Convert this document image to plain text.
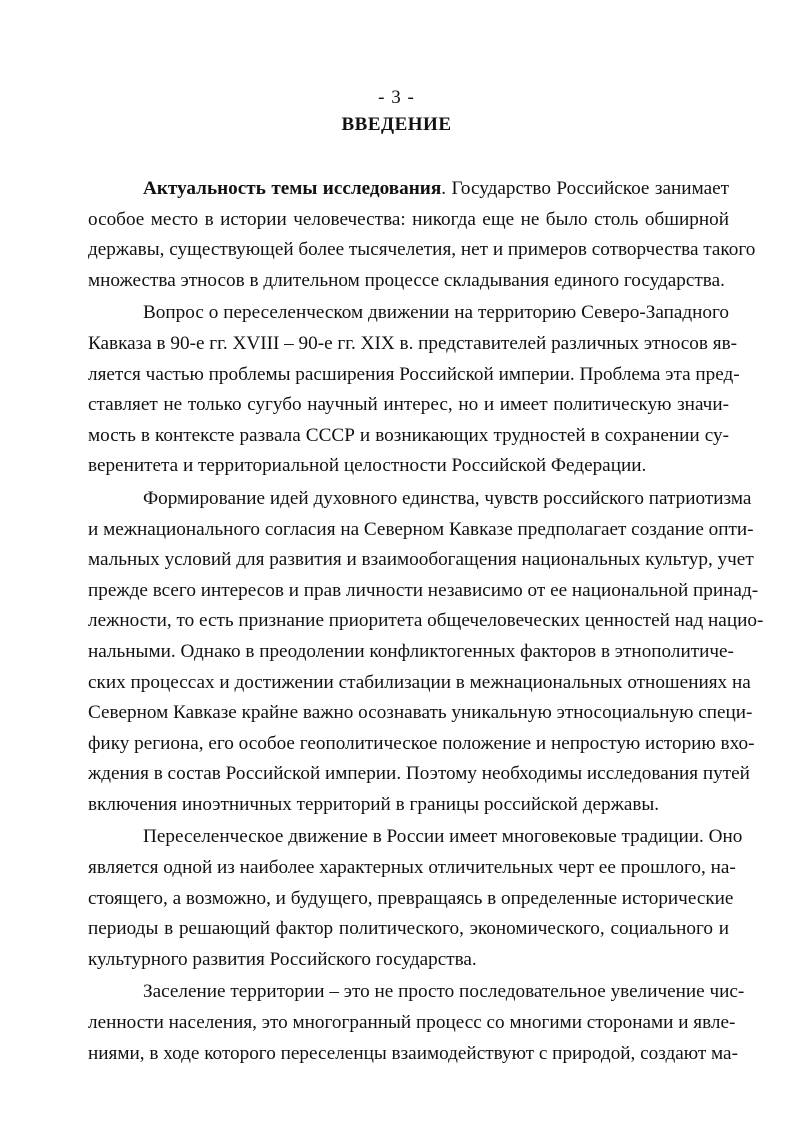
- 3 -
ВВЕДЕНИЕ
Актуальность темы исследования. Государство Российское занимает
особое место в истории человечества: никогда еще не было столь обширной
державы, существующей более тысячелетия, нет и примеров сотворчества такого
множества этносов в длительном процессе складывания единого государства.
Вопрос о переселенческом движении на территорию Северо-Западного
Кавказа в 90-е гг. XVIII – 90-е гг. XIX в. представителей различных этносов яв-
ляется частью проблемы расширения Российской империи. Проблема эта пред-
ставляет не только сугубо научный интерес, но и имеет политическую значи-
мость в контексте развала СССР и возникающих трудностей в сохранении су-
веренитета и территориальной целостности Российской Федерации.
Формирование идей духовного единства, чувств российского патриотизма
и межнационального согласия на Северном Кавказе предполагает создание опти-
мальных условий для развития и взаимообогащения национальных культур, учет
прежде всего интересов и прав личности независимо от ее национальной принад-
лежности, то есть признание приоритета общечеловеческих ценностей над нацио-
нальными. Однако в преодолении конфликтогенных факторов в этнополитиче-
ских процессах и достижении стабилизации в межнациональных отношениях на
Северном Кавказе крайне важно осознавать уникальную этносоциальную специ-
фику региона, его особое геополитическое положение и непростую историю вхо-
ждения в состав Российской империи. Поэтому необходимы исследования путей
включения иноэтничных территорий в границы российской державы.
Переселенческое движение в России имеет многовековые традиции. Оно
является одной из наиболее характерных отличительных черт ее прошлого, на-
стоящего, а возможно, и будущего, превращаясь в определенные исторические
периоды в решающий фактор политического, экономического, социального и
культурного развития Российского государства.
Заселение территории – это не просто последовательное увеличение чис-
ленности населения, это многогранный процесс со многими сторонами и явле-
ниями, в ходе которого переселенцы взаимодействуют с природой, создают ма-
